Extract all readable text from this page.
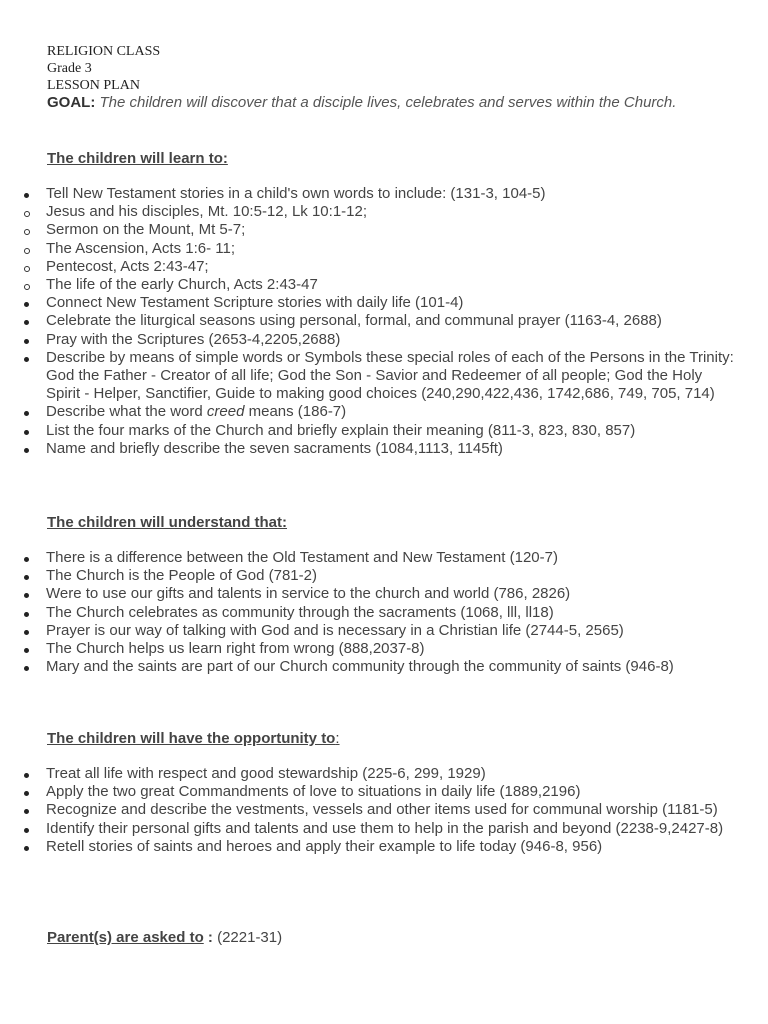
RELIGION CLASS
Grade 3
LESSON PLAN
GOAL: The children will discover that a disciple lives, celebrates and serves within the Church.
The children will learn to:
Tell New Testament stories in a child's own words to include: (131-3, 104-5)
Jesus and his disciples, Mt. 10:5-12, Lk 10:1-12;
Sermon on the Mount, Mt 5-7;
The Ascension, Acts 1:6- 11;
Pentecost, Acts 2:43-47;
The life of the early Church, Acts 2:43-47
Connect New Testament Scripture stories with daily life (101-4)
Celebrate the liturgical seasons using personal, formal, and communal prayer (1163-4, 2688)
Pray with the Scriptures (2653-4,2205,2688)
Describe by means of simple words or Symbols these special roles of each of the Persons in the Trinity: God the Father - Creator of all life; God the Son - Savior and Redeemer of all people; God the Holy Spirit - Helper, Sanctifier, Guide to making good choices (240,290,422,436, 1742,686, 749, 705, 714)
Describe what the word creed means (186-7)
List the four marks of the Church and briefly explain their meaning (811-3, 823, 830, 857)
Name and briefly describe the seven sacraments (1084,1113, 1145ft)
The children will understand that:
There is a difference between the Old Testament and New Testament (120-7)
The Church is the People of God (781-2)
Were to use our gifts and talents in service to the church and world (786, 2826)
The Church celebrates as community through the sacraments (1068, lll, ll18)
Prayer is our way of talking with God and is necessary in a Christian life (2744-5, 2565)
The Church helps us learn right from wrong (888,2037-8)
Mary and the saints are part of our Church community through the community of saints (946-8)
The children will have the opportunity to:
Treat all life with respect and good stewardship (225-6, 299, 1929)
Apply the two great Commandments of love to situations in daily life (1889,2196)
Recognize and describe the vestments, vessels and other items used for communal worship (1181-5)
Identify their personal gifts and talents and use them to help in the parish and beyond (2238-9,2427-8)
Retell stories of saints and heroes and apply their example to life today (946-8, 956)
Parent(s) are asked to : (2221-31)
